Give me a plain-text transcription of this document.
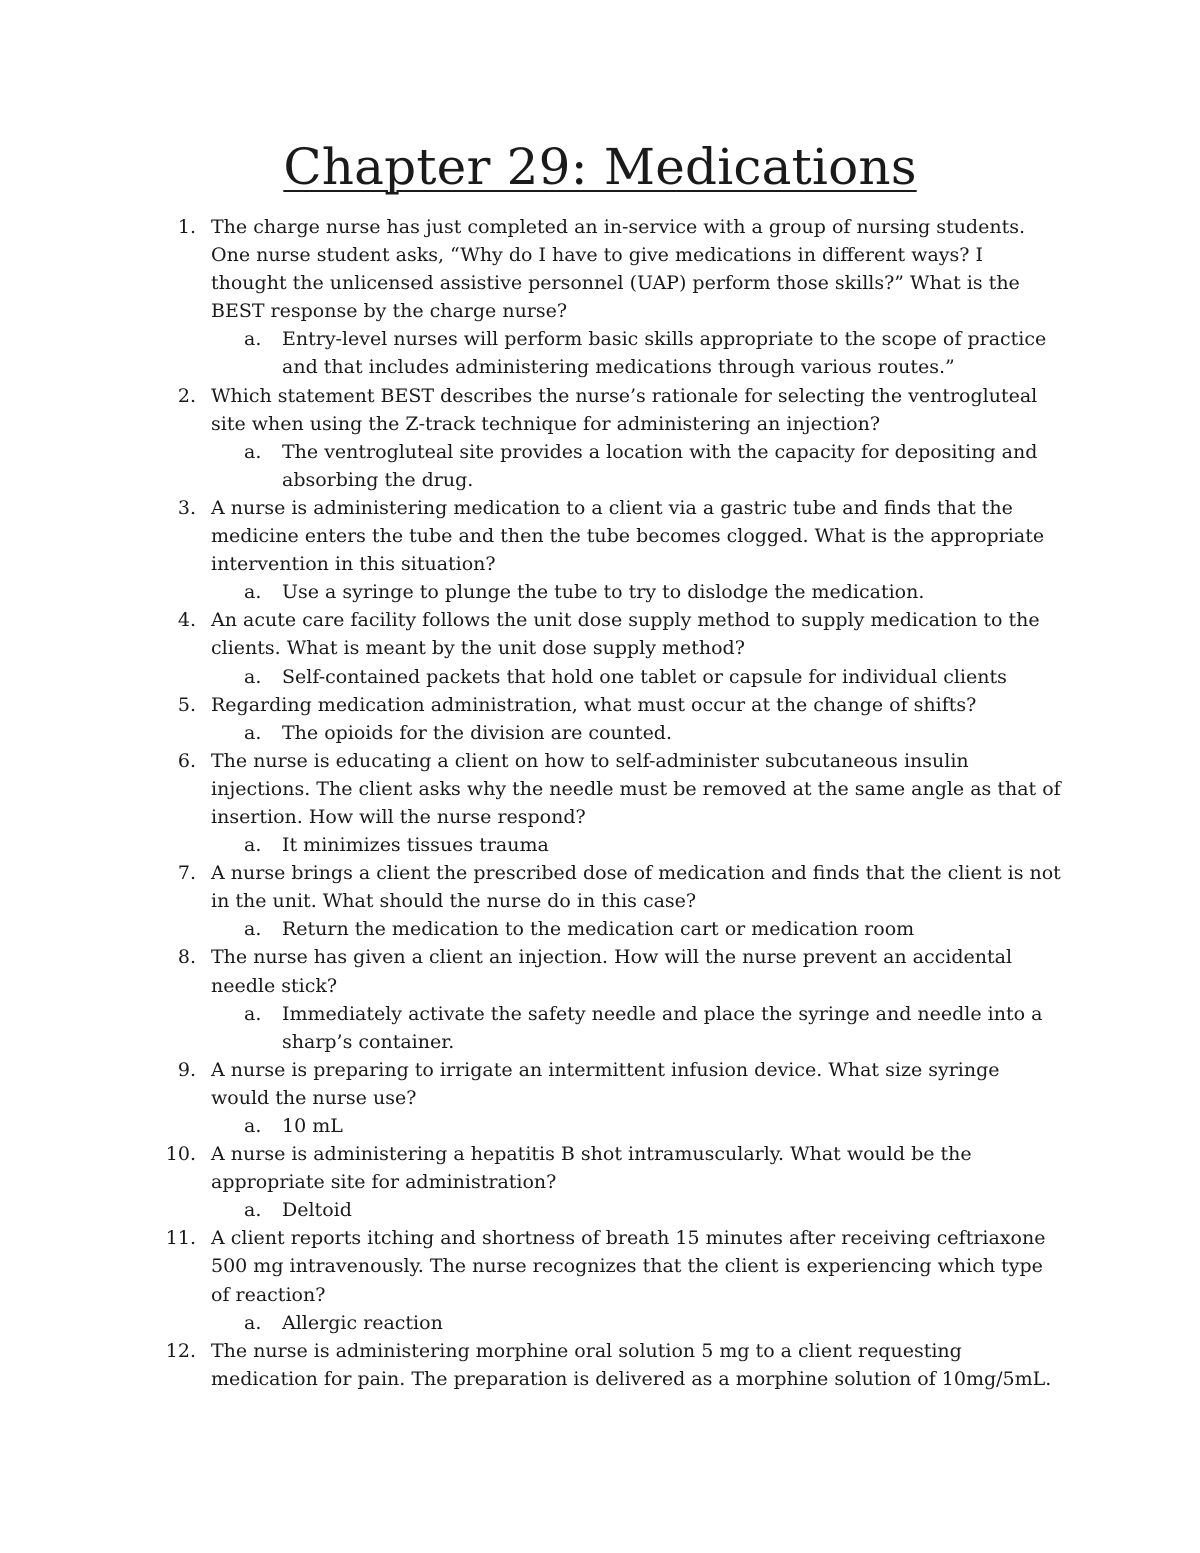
Chapter 29: Medications
1. The charge nurse has just completed an in-service with a group of nursing students. One nurse student asks, “Why do I have to give medications in different ways? I thought the unlicensed assistive personnel (UAP) perform those skills?” What is the BEST response by the charge nurse?
a. Entry-level nurses will perform basic skills appropriate to the scope of practice and that includes administering medications through various routes.”
2. Which statement BEST describes the nurse’s rationale for selecting the ventrogluteal site when using the Z-track technique for administering an injection?
a. The ventrogluteal site provides a location with the capacity for depositing and absorbing the drug.
3. A nurse is administering medication to a client via a gastric tube and finds that the medicine enters the tube and then the tube becomes clogged. What is the appropriate intervention in this situation?
a. Use a syringe to plunge the tube to try to dislodge the medication.
4. An acute care facility follows the unit dose supply method to supply medication to the clients. What is meant by the unit dose supply method?
a. Self-contained packets that hold one tablet or capsule for individual clients
5. Regarding medication administration, what must occur at the change of shifts?
a. The opioids for the division are counted.
6. The nurse is educating a client on how to self-administer subcutaneous insulin injections. The client asks why the needle must be removed at the same angle as that of insertion. How will the nurse respond?
a. It minimizes tissues trauma
7. A nurse brings a client the prescribed dose of medication and finds that the client is not in the unit. What should the nurse do in this case?
a. Return the medication to the medication cart or medication room
8. The nurse has given a client an injection. How will the nurse prevent an accidental needle stick?
a. Immediately activate the safety needle and place the syringe and needle into a sharp’s container.
9. A nurse is preparing to irrigate an intermittent infusion device. What size syringe would the nurse use?
a. 10 mL
10. A nurse is administering a hepatitis B shot intramuscularly. What would be the appropriate site for administration?
a. Deltoid
11. A client reports itching and shortness of breath 15 minutes after receiving ceftriaxone 500 mg intravenously. The nurse recognizes that the client is experiencing which type of reaction?
a. Allergic reaction
12. The nurse is administering morphine oral solution 5 mg to a client requesting medication for pain. The preparation is delivered as a morphine solution of 10mg/5mL.
